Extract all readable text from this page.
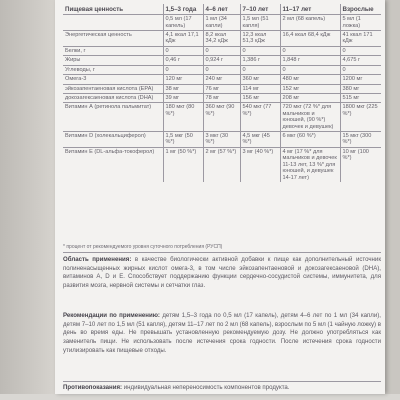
Пищевая ценность	1,5–3 года	4–6 лет	7–10 лет	11–17 лет	Взрослые
	0,5 мл (17 капель)	1 мл (34 капли)	1,5 мл (51 капля)	2 мл (68 капель)	5 мл (1 ложка)
Энергетическая ценность	4,1 ккал 17,1 кДж	8,2 ккал 34,2 кДж	12,3 ккал 51,3 кДж	16,4 ккал 68,4 кДж	41 ккал 171 кДж
Белки, г	0	0	0	0	0
Жиры	0,46 г	0,924 г	1,386 г	1,848 г	4,675 г
Углеводы, г	0	0	0	0	0
Омега-3	120 мг	240 мг	360 мг	480 мг	1200 мг
эйкозапентаеновая кислота (EPA)	38 мг	76 мг	114 мг	152 мг	380 мг
докозагексаеновая кислота (DHA)	39 мг	78 мг	156 мг	208 мг	515 мг
Витамин А (ретинола пальмитат)	180 мкг (80 %*)	360 мкг (90 %*)	540 мкг (77 %*)	720 мкг (72 %* для мальчиков и юношей, (90 %*) девочек и девушек)	1800 мкг (225 %*)
Витамин D (холекальциферол)	1,5 мкг (50 %*)	3 мкг (30 %*)	4,5 мкг (45 %*)	6 мкг (60 %*)	15 мкг (300 %*)
Витамин E (DL-альфа-токоферол)	1 мг (50 %*)	2 мг (57 %*)	3 мг (40 %*)	4 мг (17 %* для мальчиков и девочек 11-13 лет, 13 %* для юношей, и девушек 14-17 лет)	10 мг (100 %*)
* процент от рекомендуемого уровня суточного потребления (РУСП)
Область применения: в качестве биологически активной добавки к пище как дополнительный источник полиненасыщенных жирных кислот омега-3, в том числе эйкозапентаеновой и докозагексаеновой (DHA), витаминов A, D и E. Способствует поддержанию функции сердечно-сосудистой системы, иммунитета, для развития мозга, нервной системы и сетчатки глаз.
Рекомендации по применению: детям 1,5–3 года по 0,5 мл (17 капель), детям 4–6 лет по 1 мл (34 капли), детям 7–10 лет по 1,5 мл (51 капля), детям 11–17 лет по 2 мл (68 капель), взрослым по 5 мл (1 чайную ложку) в день во время еды. Не превышать установленную рекомендуемую дозу. Не должно употребляться как заменитель пищи. Не использовать после истечения срока годности. После истечения срока годности утилизировать как пищевые отходы.
Противопоказания: индивидуальная непереносимость компонентов продукта.
